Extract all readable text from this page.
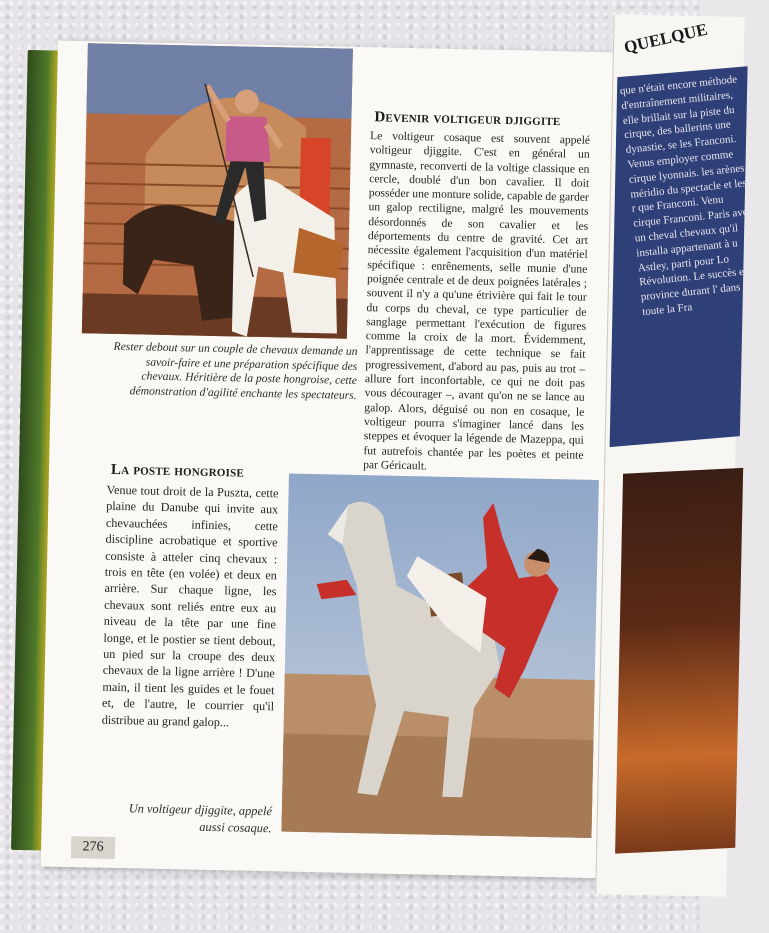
Devenir voltigeur djiggite
Le voltigeur cosaque est souvent appelé voltigeur djiggite. C'est en général un gymnaste, reconverti de la voltige classique en cercle, doublé d'un bon cavalier. Il doit posséder une monture solide, capable de garder un galop rectiligne, malgré les mouvements désordonnés de son cavalier et les déportements du centre de gravité. Cet art nécessite également l'acquisition d'un matériel spécifique : enrênements, selle munie d'une poignée centrale et de deux poignées latérales ; souvent il n'y a qu'une étrivière qui fait le tour du corps du cheval, ce type particulier de sanglage permettant l'exécution de figures comme la croix de la mort. Évidemment, l'apprentissage de cette technique se fait progressivement, d'abord au pas, puis au trot – allure fort inconfortable, ce qui ne doit pas vous décourager –, avant qu'on ne se lance au galop. Alors, déguisé ou non en cosaque, le voltigeur pourra s'imaginer lancé dans les steppes et évoquer la légende de Mazeppa, qui fut autrefois chantée par les poètes et peinte par Géricault.
Rester debout sur un couple de chevaux demande un savoir-faire et une préparation spécifique des chevaux. Héritière de la poste hongroise, cette démonstration d'agilité enchante les spectateurs.
La poste hongroise
Venue tout droit de la Puszta, cette plaine du Danube qui invite aux chevauchées infinies, cette discipline acrobatique et sportive consiste à atteler cinq chevaux : trois en tête (en volée) et deux en arrière. Sur chaque ligne, les chevaux sont reliés entre eux au niveau de la tête par une fine longe, et le postier se tient debout, un pied sur la croupe des deux chevaux de la ligne arrière ! D'une main, il tient les guides et le fouet et, de l'autre, le courrier qu'il distribue au grand galop...
Un voltigeur djiggite, appelé aussi cosaque.
276
QUELQUE
que n'était encore méthode d'entraînement militaires, elle brillait sur la piste du cirque, des ballerins une dynastie, se les Franconi. Venus employer comme cirque lyonnais. les arènes méridio du spectacle et les r que Franconi. Venu cirque Franconi. Paris avec un cheval chevaux qu'il installa appartenant à u Astley, parti pour Lo Révolution. Le succès en province durant l' dans toute la Fra
